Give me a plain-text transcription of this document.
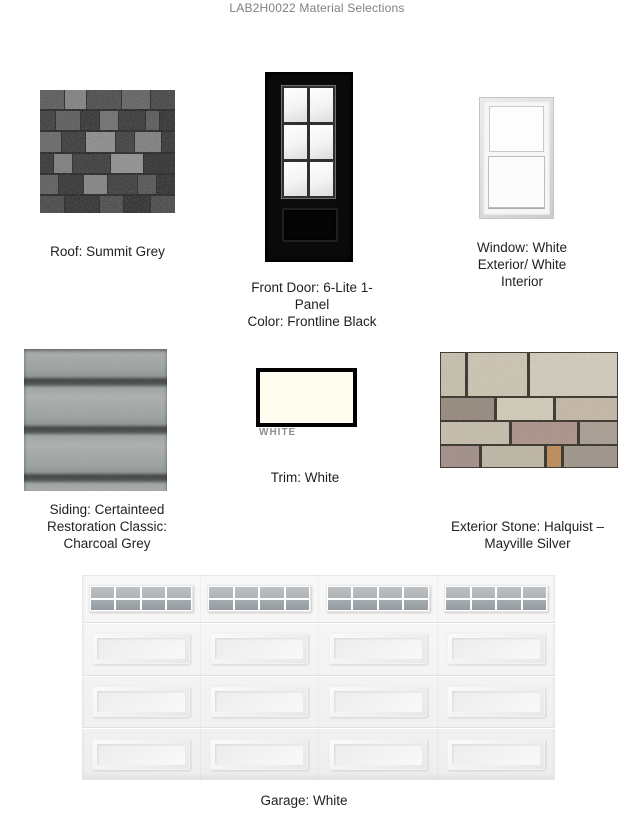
LAB2H0022 Material Selections
Roof: Summit Grey
Front Door: 6-Lite 1-
Panel
Color: Frontline Black
Window: White
Exterior/ White
Interior
Siding: Certainteed
Restoration Classic:
Charcoal Grey
WHITE
Trim: White
Exterior Stone: Halquist –
Mayville Silver
Garage: White
